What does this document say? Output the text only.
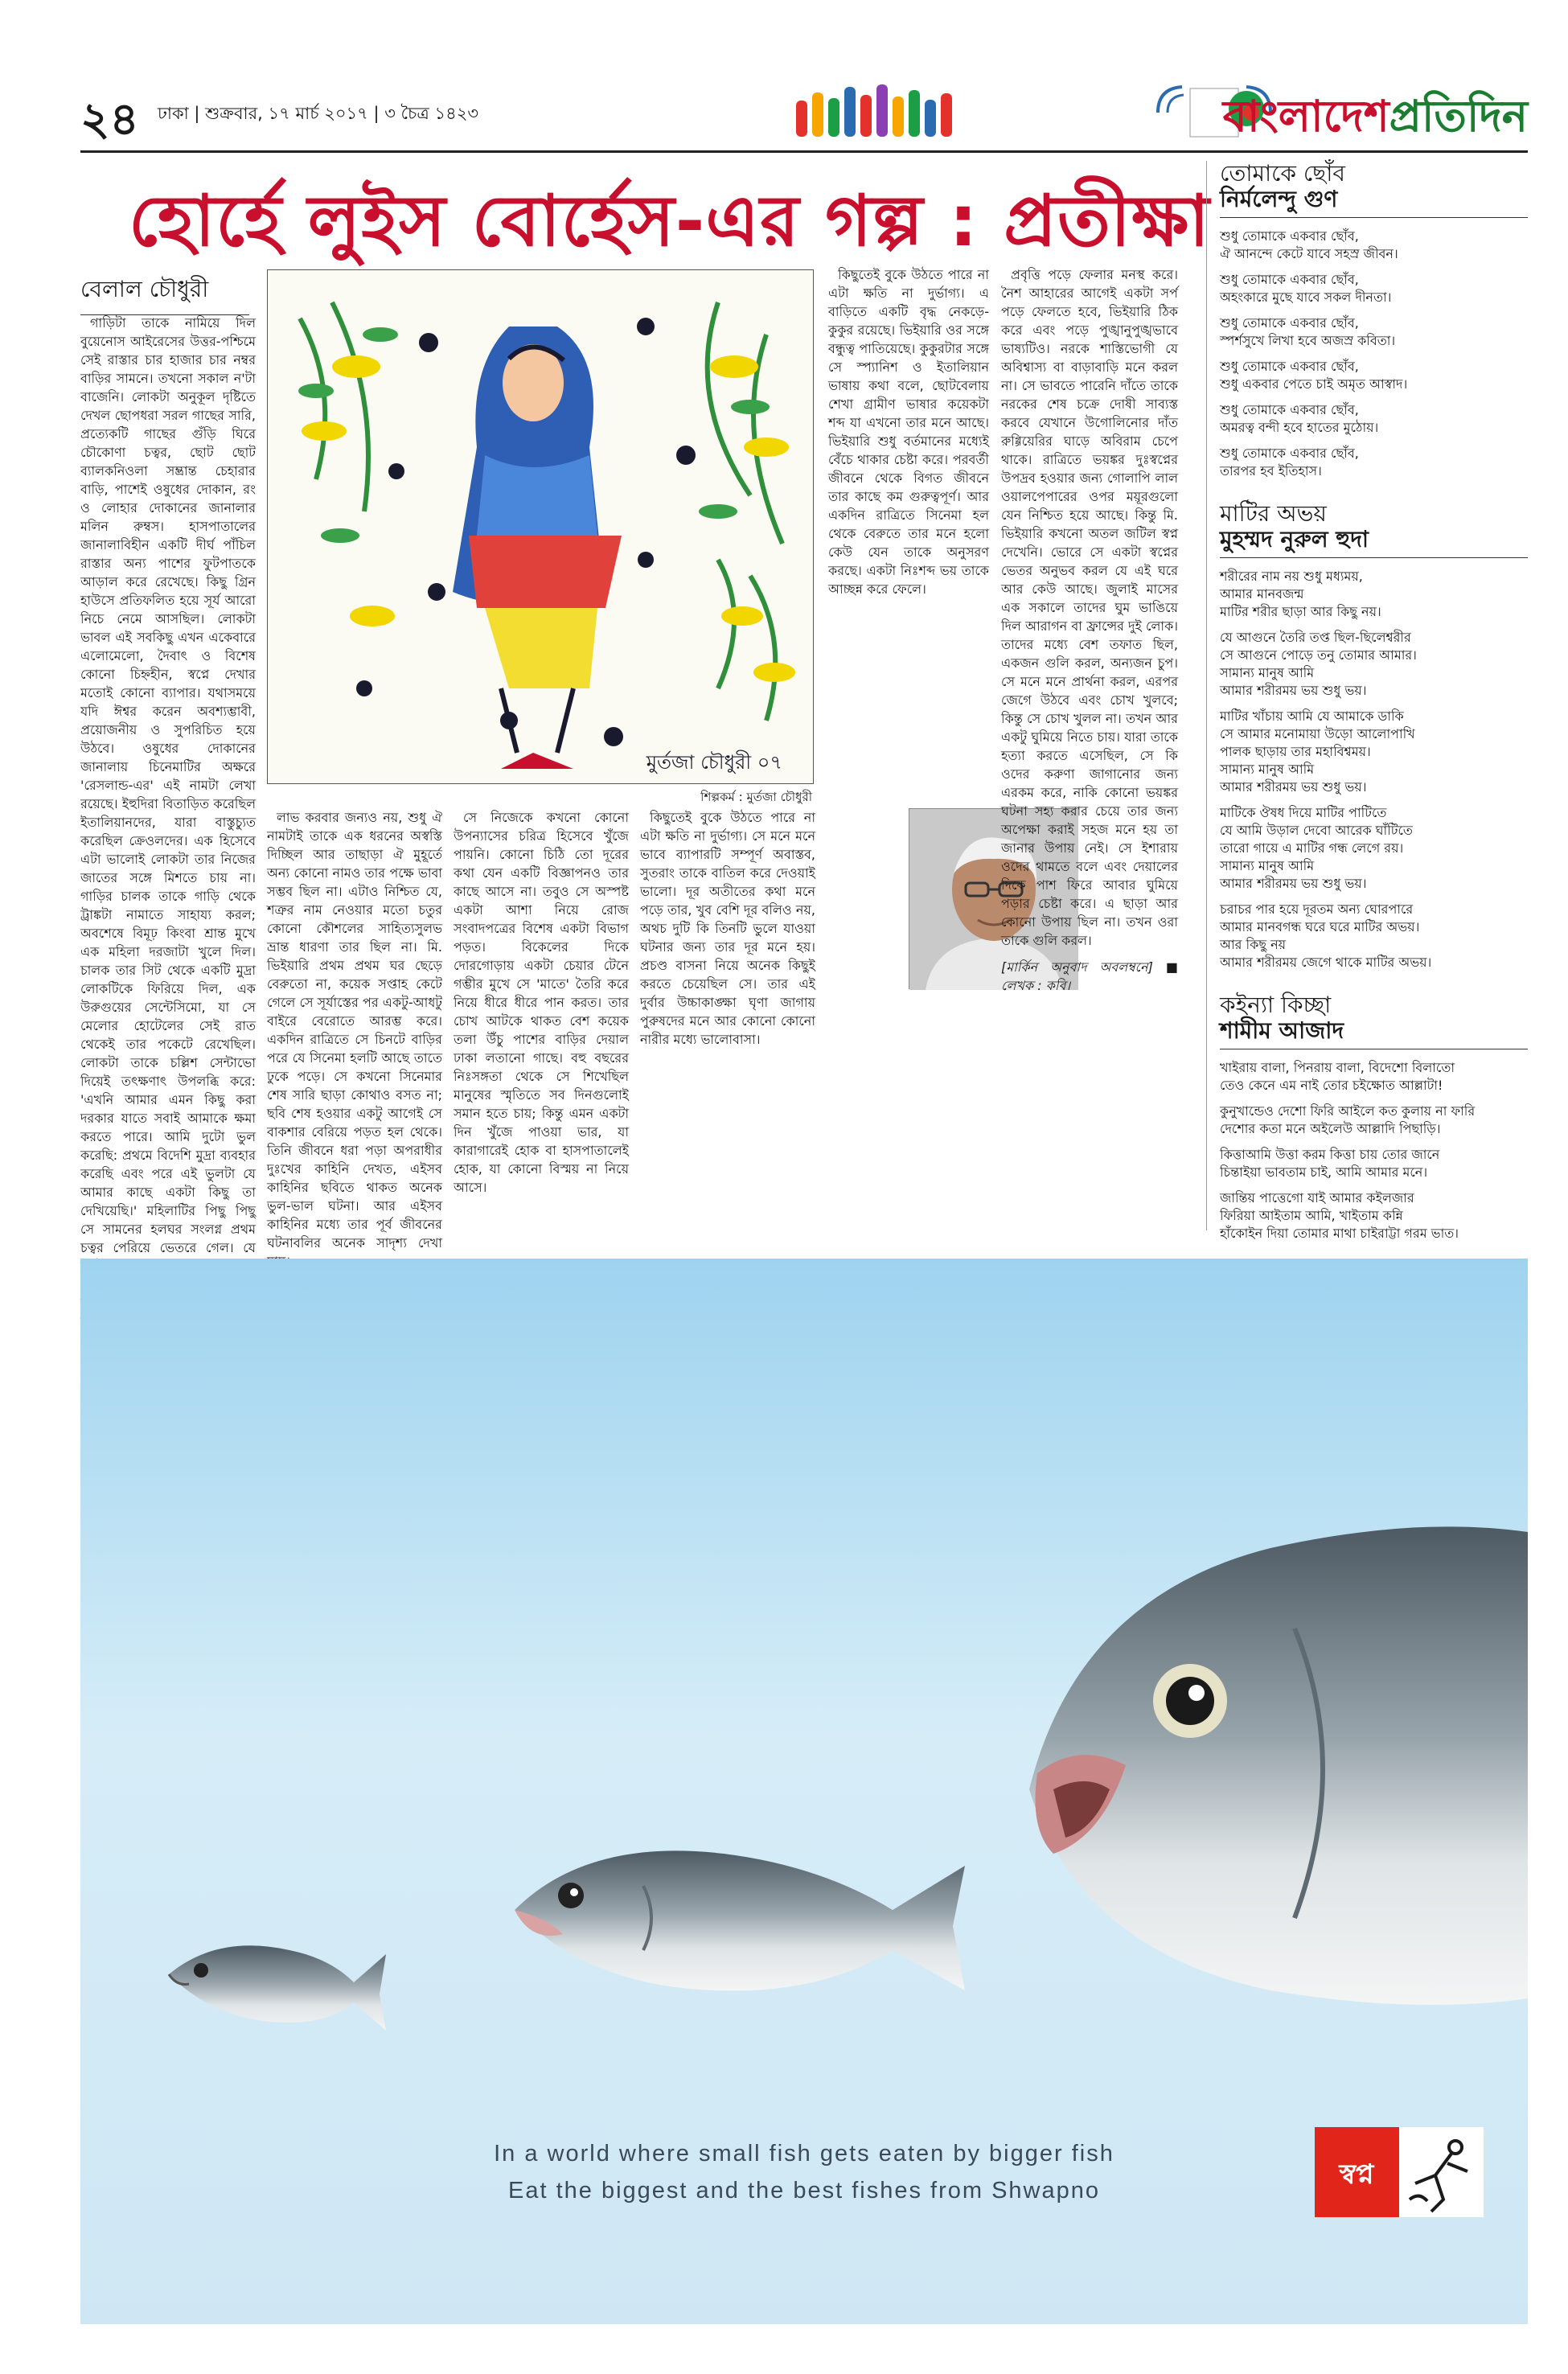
২৪ ঢাকা | শুক্রবার, ১৭ মার্চ ২০১৭ | ৩ চৈত্র ১৪২৩	বাংলাদেশপ্রতিদিন
হোর্হে লুইস বোর্হেস-এর গল্প : প্রতীক্ষা
বেলাল চৌধুরী

গাড়িটা তাকে নামিয়ে দিল বুয়েনোস আইরেসের উত্তর-পশ্চিমে সেই রাস্তার চার হাজার চার নম্বর বাড়ির সামনে। তখনো সকাল ন'টা বাজেনি। লোকটা অনুকূল দৃষ্টিতে দেখল ছোপধরা সরল গাছের সারি, প্রত্যেকটি গাছের গুঁড়ি ঘিরে চৌকোণা চত্বর, ছোট ছোট ব্যালকনিওলা সম্ভ্রান্ত চেহারার বাড়ি, পাশেই ওষুধের দোকান, রং ও লোহার দোকানের জানালার মলিন রুম্বস। হাসপাতালের জানালাবিহীন একটি দীর্ঘ পাঁচিল রাস্তার অন্য পাশের ফুটপাতকে আড়াল করে রেখেছে। কিছু গ্রিন হাউসে প্রতিফলিত হয়ে সূর্য আরো নিচে নেমে আসছিল। লোকটা ভাবল এই সবকিছু এখন একেবারে এলোমেলো, দৈবাৎ ও বিশেষ কোনো চিহ্নহীন, স্বপ্নে দেখার মতোই কোনো ব্যাপার। যথাসময়ে যদি ঈশ্বর করেন অবশ্যম্ভাবী, প্রয়োজনীয় ও সুপরিচিত হয়ে উঠবে। ওষুধের দোকানের জানালায় চিনেমাটির অক্ষরে 'রেসলান্ড-এর' এই নামটা লেখা রয়েছে। ইহুদিরা বিতাড়িত করেছিল ইতালিয়ানদের, যারা বাস্তুচ্যুত করেছিল ক্রেওলদের। এক হিসেবে এটা ভালোই লোকটা তার নিজের জাতের সঙ্গে মিশতে চায় না। গাড়ির চালক তাকে গাড়ি থেকে ট্রাঙ্কটা নামাতে সাহায্য করল; অবশেষে বিমূঢ় কিংবা শ্রান্ত মুখে এক মহিলা দরজাটা খুলে দিল। চালক তার সিট থেকে একটি মুদ্রা লোকটিকে ফিরিয়ে দিল, এক উরুগুয়ের সেন্টেসিমো, যা সে মেলোর হোটেলের সেই রাত থেকেই তার পকেটে রেখেছিল। লোকটা তাকে চল্লিশ সেন্টাভো দিয়েই তৎক্ষণাৎ উপলব্ধি করে: 'এখনি আমার এমন কিছু করা দরকার যাতে সবাই আমাকে ক্ষমা করতে পারে। আমি দুটো ভুল করেছি: প্রথমে বিদেশি মুদ্রা ব্যবহার করেছি এবং পরে এই ভুলটা যে আমার কাছে একটা কিছু তা দেখিয়েছি।' মহিলাটির পিছু পিছু সে সামনের হলঘর সংলগ্ন প্রথম চত্বর পেরিয়ে ভেতরে গেল। যে

মুর্তজা চৌধুরী ০৭
শিল্পকর্ম : মুর্তজা চৌধুরী

লাভ করবার জন্যও নয়, শুধু ঐ নামটাই তাকে এক ধরনের অস্বস্তি দিচ্ছিল আর তাছাড়া ঐ মুহূর্তে অন্য কোনো নামও তার পক্ষে ভাবা সম্ভব ছিল না। এটাও নিশ্চিত যে, শত্রুর নাম নেওয়ার মতো চতুর কোনো কৌশলের সাহিত্যসুলভ ভ্রান্ত ধারণা তার ছিল না। মি. ভিইয়ারি প্রথম প্রথম ঘর ছেড়ে বেরুতো না, কয়েক সপ্তাহ কেটে গেলে সে সূর্যাস্তের পর একটু-আধটু বাইরে বেরোতে আরম্ভ করে। একদিন রাত্রিতে সে চিনটে বাড়ির পরে যে সিনেমা হলটি আছে তাতে ঢুকে পড়ে। সে কখনো সিনেমার শেষ সারি ছাড়া কোথাও বসত না; ছবি শেষ হওয়ার একটু আগেই সে বাকশার বেরিয়ে পড়ত হল থেকে। তিনি জীবনে ধরা পড়া অপরাধীর দুঃখের কাহিনি দেখত, এইসব কাহিনির ছবিতে থাকত অনেক ভুল-ভাল ঘটনা। আর এইসব কাহিনির মধ্যে তার পূর্ব জীবনের ঘটনাবলির অনেক সাদৃশ্য দেখা

সে নিজেকে কখনো কোনো উপন্যাসের চরিত্র হিসেবে খুঁজে পায়নি। কোনো চিঠি তো দূরের কথা যেন একটি বিজ্ঞাপনও তার কাছে আসে না। তবুও সে অস্পষ্ট একটা আশা নিয়ে রোজ সংবাদপত্রের বিশেষ একটা বিভাগ পড়ত। বিকেলের দিকে দোরগোড়ায় একটা চেয়ার টেনে গম্ভীর মুখে সে 'মাতে' তৈরি করে নিয়ে ধীরে ধীরে পান করত। তার চোখ আটকে থাকত বেশ কয়েক তলা উঁচু পাশের বাড়ির দেয়াল ঢাকা লতানো গাছে। বহু বছরের নিঃসঙ্গতা থেকে সে শিখেছিল মানুষের স্মৃতিতে সব দিনগুলোই সমান হতে চায়; কিন্তু এমন একটা দিন খুঁজে পাওয়া ভার, যা কারাগারেই হোক বা হাসপাতালেই হোক, যা কোনো বিস্ময় না নিয়ে আসে।

কিছুতেই বুকে উঠতে পারে না এটা ক্ষতি না দুর্ভাগ্য। সে মনে মনে ভাবে ব্যাপারটি সম্পূর্ণ অবাস্তব, সুতরাং তাকে বাতিল করে দেওয়াই ভালো। দূর অতীতের কথা মনে পড়ে তার, খুব বেশি দূর বলিও নয়, অথচ দুটি কি তিনটি ভুলে যাওয়া ঘটনার জন্য তার দূর মনে হয়। প্রচণ্ড বাসনা নিয়ে অনেক কিছুই করতে চেয়েছিল সে। তার এই দুর্বার উচ্চাকাঙ্ক্ষা ঘৃণা জাগায় পুরুষদের মনে আর কোনো কোনো নারীর মধ্যে ভালোবাসা।

কিছুতেই বুকে উঠতে পারে না এটা ক্ষতি না দুর্ভাগ্য। এ বাড়িতে একটি বৃদ্ধ নেকড়ে-কুকুর রয়েছে। ভিইয়ারি ওর সঙ্গে বন্ধুত্ব পাতিয়েছে। কুকুরটার সঙ্গে সে স্প্যানিশ ও ইতালিয়ান ভাষায় কথা বলে, ছোটবেলায় শেখা গ্রামীণ ভাষার কয়েকটা শব্দ যা এখনো তার মনে আছে। ভিইয়ারি শুধু বর্তমানের মধ্যেই বেঁচে থাকার চেষ্টা করে। পরবর্তী জীবনে থেকে বিগত জীবনে তার কাছে কম গুরুত্বপূর্ণ। আর একদিন রাত্রিতে সিনেমা হল থেকে বেরুতে তার মনে হলো কেউ যেন তাকে অনুসরণ করছে। একটা নিঃশব্দ ভয় তাকে আচ্ছন্ন করে ফেলে।

প্রবৃত্তি পড়ে ফেলার মনস্থ করে। নৈশ আহারের আগেই একটা সর্প পড়ে ফেলতে হবে, ভিইয়ারি ঠিক করে এবং পড়ে পুঙ্খানুপুঙ্খভাবে ভাষ্যটিও। নরকে শাস্তিভোগী যে অবিশ্বাস্য বা বাড়াবাড়ি মনে করল না। সে ভাবতে পারেনি দাঁতে তাকে নরকের শেষ চক্রে দোষী সাব্যস্ত করবে যেখানে উগোলিনোর দাঁত রুগ্গিয়েরির ঘাড়ে অবিরাম চেপে থাকে। রাত্রিতে ভয়ঙ্কর দুঃস্বপ্নের উপদ্রব হওয়ার জন্য গোলাপি লাল ওয়ালপেপারের ওপর ময়ূরগুলো যেন নিশ্চিত হয়ে আছে। কিন্তু মি. ভিইয়ারি কখনো অতল জটিল স্বপ্ন দেখেনি। ভোরে সে একটা স্বপ্নের ভেতর অনুভব করল যে এই ঘরে আর কেউ আছে। জুলাই মাসের এক সকালে তাদের ঘুম ভাঙিয়ে দিল আরাগন বা ফ্রান্সের দুই লোক। তাদের মধ্যে বেশ তফাত ছিল, একজন গুলি করল, অন্যজন চুপ। সে মনে মনে প্রার্থনা করল, এরপর জেগে উঠবে এবং চোখ খুলবে; কিন্তু সে চোখ খুলল না। তখন আর একটু ঘুমিয়ে নিতে চায়। যারা তাকে হত্যা করতে এসেছিল, সে কি ওদের করুণা জাগানোর জন্য এরকম করে, নাকি কোনো ভয়ঙ্কর ঘটনা সহ্য করার চেয়ে তার জন্য অপেক্ষা করাই সহজ মনে হয় তা জানার উপায় নেই। সে ইশারায় ওদের থামতে বলে এবং দেয়ালের দিকে পাশ ফিরে আবার ঘুমিয়ে পড়ার চেষ্টা করে। এ ছাড়া আর কোনো উপায় ছিল না। তখন ওরা তাকে গুলি করল।

[মার্কিন অনুবাদ অবলম্বনে] ■ লেখক : কবি।

তোমাকে ছোঁব
নির্মলেন্দু গুণ
শুধু তোমাকে একবার ছোঁব,
ঐ আনন্দে কেটে যাবে সহস্র জীবন।
শুধু তোমাকে একবার ছোঁব,
অহংকারে মুছে যাবে সকল দীনতা।
শুধু তোমাকে একবার ছোঁব,
স্পর্শসুখে লিখা হবে অজস্র কবিতা।
শুধু তোমাকে একবার ছোঁব,
শুধু একবার পেতে চাই অমৃত আস্বাদ।
শুধু তোমাকে একবার ছোঁব,
অমরত্ব বন্দী হবে হাতের মুঠোয়।
শুধু তোমাকে একবার ছোঁব,
তারপর হব ইতিহাস।
মাটির অভয়
মুহম্মদ নুরুল হুদা
শরীরের নাম নয় শুধু মধ্যময়,
আমার মানবজন্ম
মাটির শরীর ছাড়া আর কিছু নয়।
যে আগুনে তৈরি তপ্ত ছিল-ছিলেশ্বরীর
সে আগুনে পোড়ে তনু তোমার আমার।
সামান্য মানুষ আমি
আমার শরীরময় ভয় শুধু ভয়।
মাটির খাঁচায় আমি যে আমাকে ডাকি
সে আমার মনোমায়া উড়ো আলোপাখি
পালক ছাড়ায় তার মহাবিশ্বময়।
সামান্য মানুষ আমি
আমার শরীরময় ভয় শুধু ভয়।
মাটিকে ঔষধ দিয়ে মাটির পাটিতে
যে আমি উড়াল দেবো আরেক ঘাঁটিতে
তারো গায়ে এ মাটির গন্ধ লেগে রয়।
সামান্য মানুষ আমি
আমার শরীরময় ভয় শুধু ভয়।
চরাচর পার হয়ে দূরতম অন্য ঘোরপারে
আমার মানবগন্ধ ঘরে ঘরে মাটির অভয়।
আর কিছু নয়
আমার শরীরময় জেগে থাকে মাটির অভয়।
কইন্যা কিচ্ছা
শামীম আজাদ
খাইরায় বালা, পিনরায় বালা, বিদেশো বিলাতো
তেও কেনে এম নাই তোর চইক্ষোত আল্লাটা!
কুনুখান্ডেও দেশো ফিরি আইলে কত কুলায় না ফারি
দেশোর কতা মনে অইলেউ আল্লাদি পিছাড়ি।
কিত্তাআমি উত্তা করম কিত্তা চায় তোর জানে
চিন্তাইয়া ভাবতাম চাই, আমি আমার মনে।
জান্তিয় পাত্তেগো যাই আমার কইলজার
ফিরিয়া আইতাম আমি, খাইতাম কন্নি
হাঁকোইন দিয়া তোমার মাথা চাইরাট্টা গরম ভাত।
In a world where small fish gets eaten by bigger fish
Eat the biggest and the best fishes from Shwapno	স্বপ্ন
